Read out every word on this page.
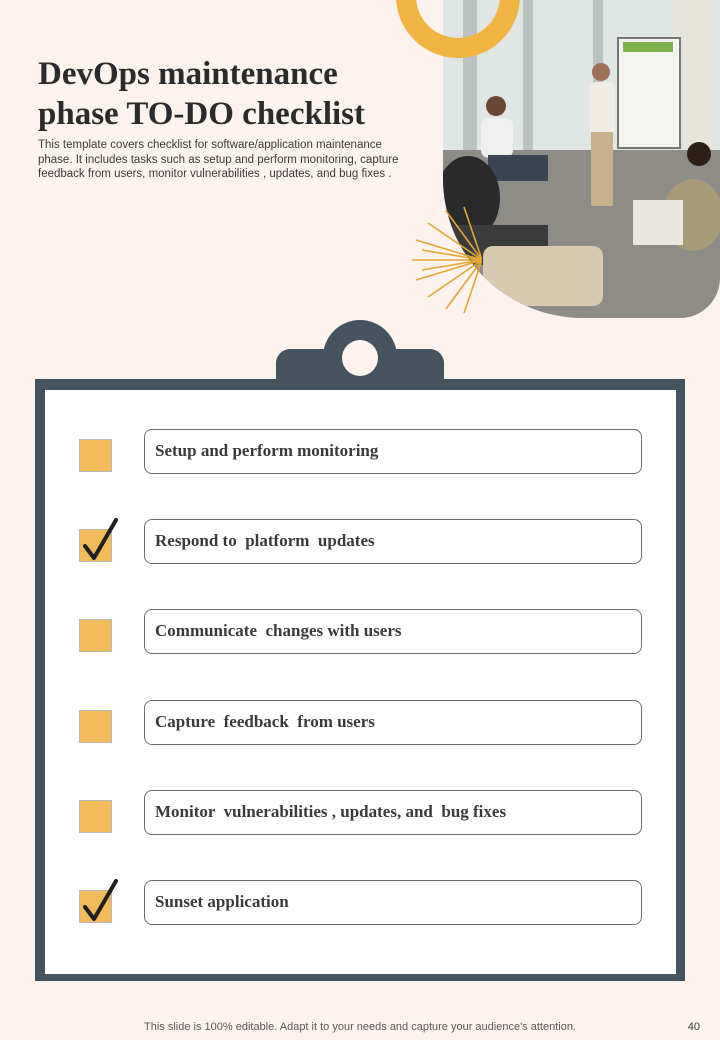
DevOps maintenance phase TO-DO checklist

This template covers checklist for software/application maintenance phase. It includes tasks such as setup and perform monitoring, capture feedback from users, monitor vulnerabilities , updates, and bug fixes .

Setup and perform monitoring
Respond to  platform  updates
Communicate  changes with users
Capture  feedback  from users
Monitor  vulnerabilities , updates, and  bug fixes
Sunset application
This slide is 100% editable. Adapt it to your needs and capture your audience's attention.	40
